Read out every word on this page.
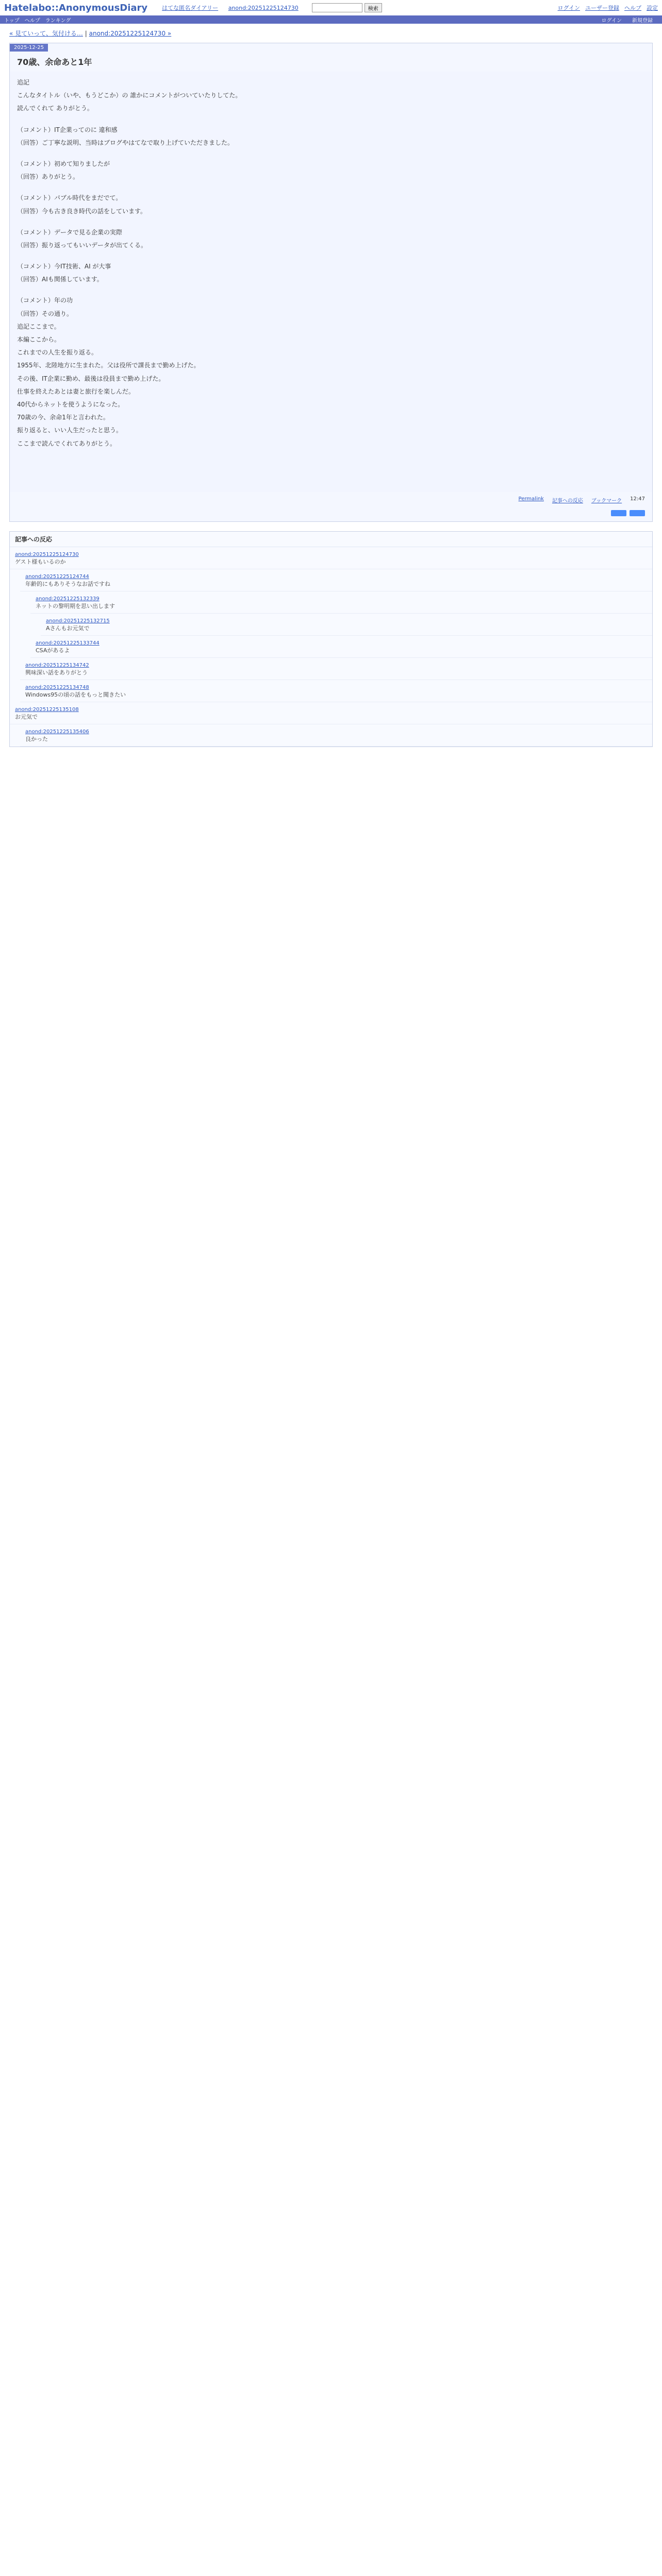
Hatelabo::AnonymousDiary	はてな匿名ダイアリー anond:20251225124730	検索	ログイン ユーザー登録 ヘルプ 設定
トップ ヘルプ ランキング	ログイン 新規登録
« 見ていって、気付ける… | anond:20251225124730 »
2025-12-25
70歳、余命あと1年

追記

こんなタイトル（いや、もうどこか）の 誰かにコメントがついていたりしてた。

読んでくれて ありがとう。

（コメント）IT企業ってのに 違和感

（回答）ご丁寧な説明、当時はブログやはてなで取り上げていただきました。

（コメント）初めて知りましたが

（回答）ありがとう。

（コメント）パブル時代をまだでて。

（回答）今も古き良き時代の話をしています。

（コメント）データで見る企業の実際

（回答）振り返ってもいいデータが出てくる。

（コメント）今IT技術、AI が大事

（回答）AIも関係しています。

（コメント）年の功

（回答）その通り。

追記ここまで。

本編ここから。

これまでの人生を振り返る。

1955年、北陸地方に生まれた。父は役所で課長まで勤め上げた。

その後、IT企業に勤め、最後は役員まで勤め上げた。

仕事を終えたあとは妻と旅行を楽しんだ。

40代からネットを使うようになった。

70歳の今、余命1年と言われた。

振り返ると、いい人生だったと思う。

ここまで読んでくれてありがとう。

Permalink 記事への反応 ブックマーク 12:47
記事への反応
anond:20251225124730
ゲスト様もいるのか
anond:20251225124744
年齢的にもありそうなお話ですね
anond:20251225132339
ネットの黎明期を思い出します
anond:20251225132715
Aさんもお元気で
anond:20251225133744
CSAがあるよ
anond:20251225134742
興味深い話をありがとう
anond:20251225134748
Windows95の頃の話をもっと聞きたい
anond:20251225135108
お元気で
anond:20251225135406
良かった
